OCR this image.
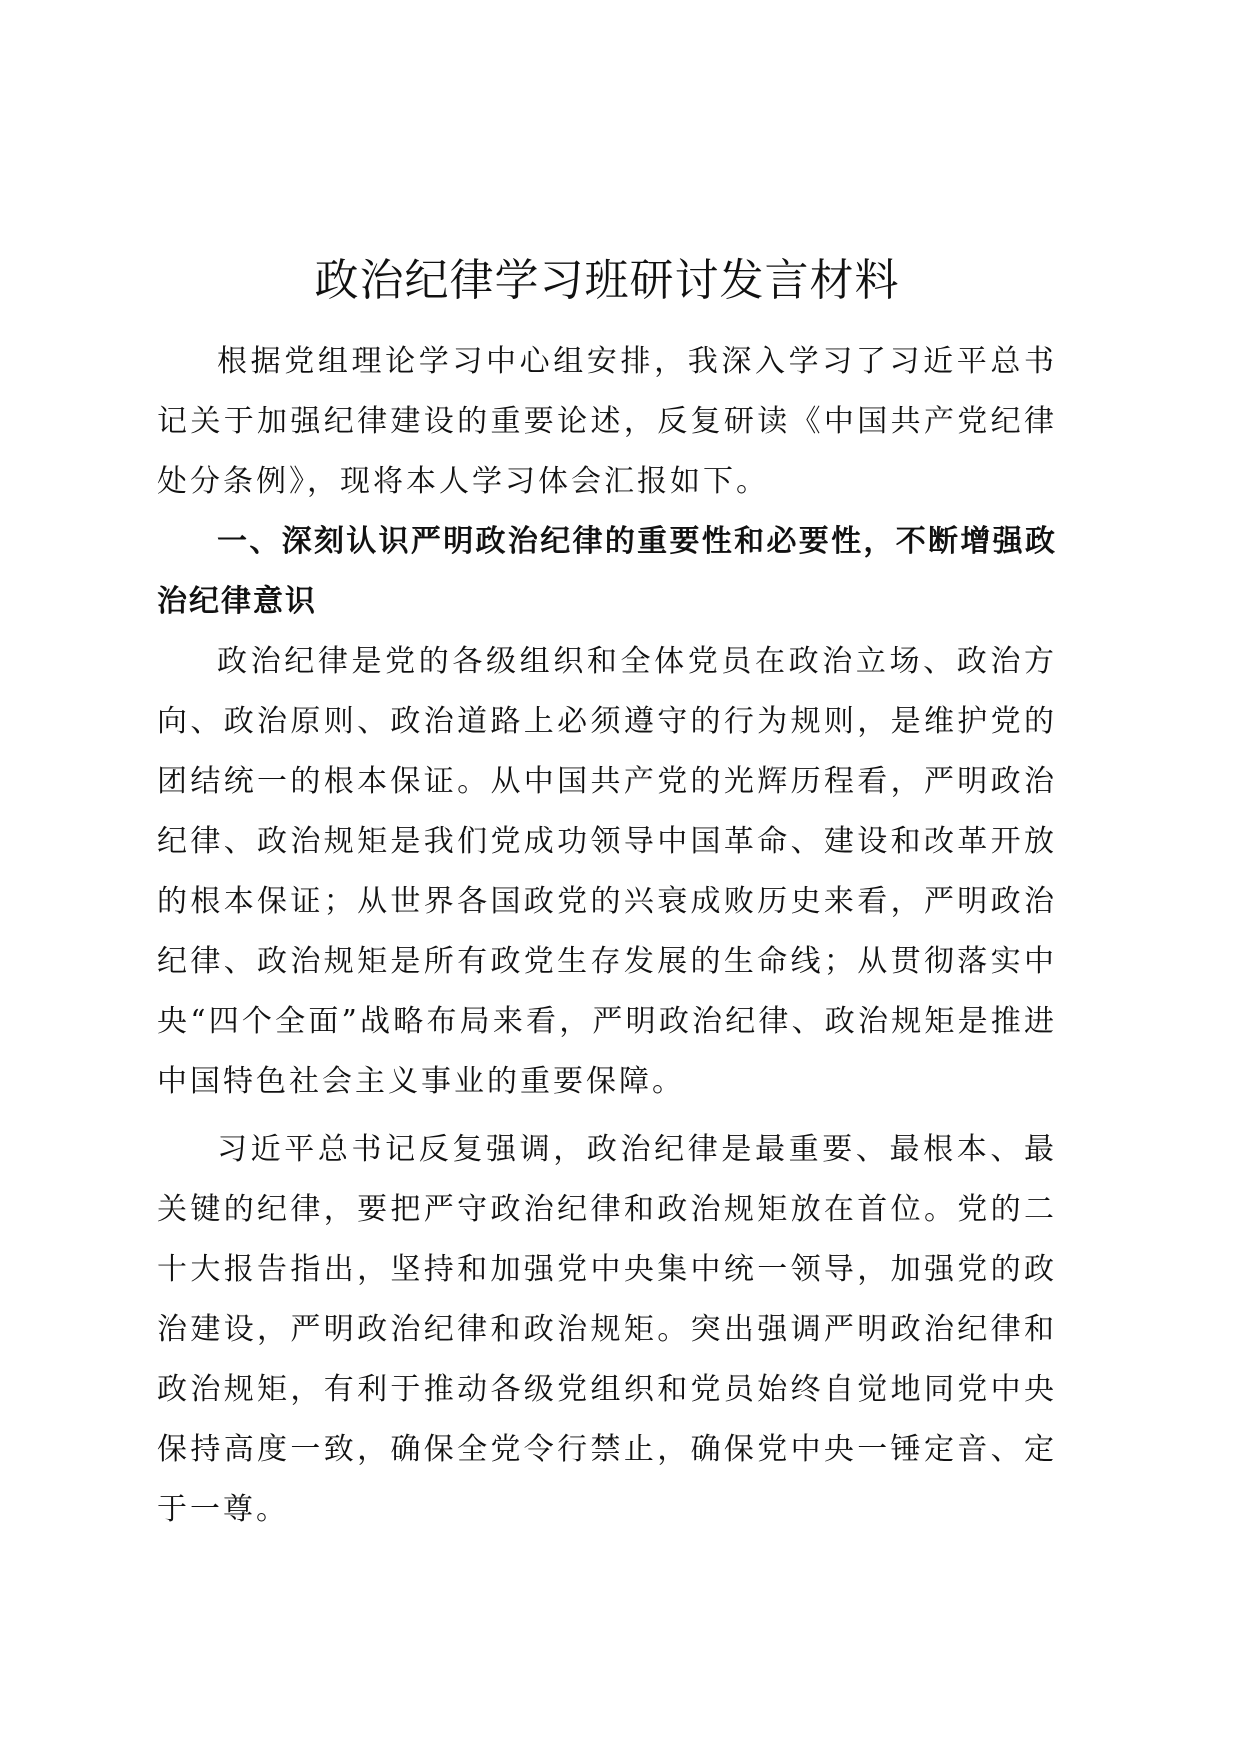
政治纪律学习班研讨发言材料

根据党组理论学习中心组安排，我深入学习了习近平总书记关于加强纪律建设的重要论述，反复研读《中国共产党纪律处分条例》，现将本人学习体会汇报如下。

一、深刻认识严明政治纪律的重要性和必要性，不断增强政治纪律意识

政治纪律是党的各级组织和全体党员在政治立场、政治方向、政治原则、政治道路上必须遵守的行为规则，是维护党的团结统一的根本保证。从中国共产党的光辉历程看，严明政治纪律、政治规矩是我们党成功领导中国革命、建设和改革开放的根本保证；从世界各国政党的兴衰成败历史来看，严明政治纪律、政治规矩是所有政党生存发展的生命线；从贯彻落实中央“四个全面”战略布局来看，严明政治纪律、政治规矩是推进中国特色社会主义事业的重要保障。

习近平总书记反复强调，政治纪律是最重要、最根本、最关键的纪律，要把严守政治纪律和政治规矩放在首位。党的二十大报告指出，坚持和加强党中央集中统一领导，加强党的政治建设，严明政治纪律和政治规矩。突出强调严明政治纪律和政治规矩，有利于推动各级党组织和党员始终自觉地同党中央保持高度一致，确保全党令行禁止，确保党中央一锤定音、定于一尊。
